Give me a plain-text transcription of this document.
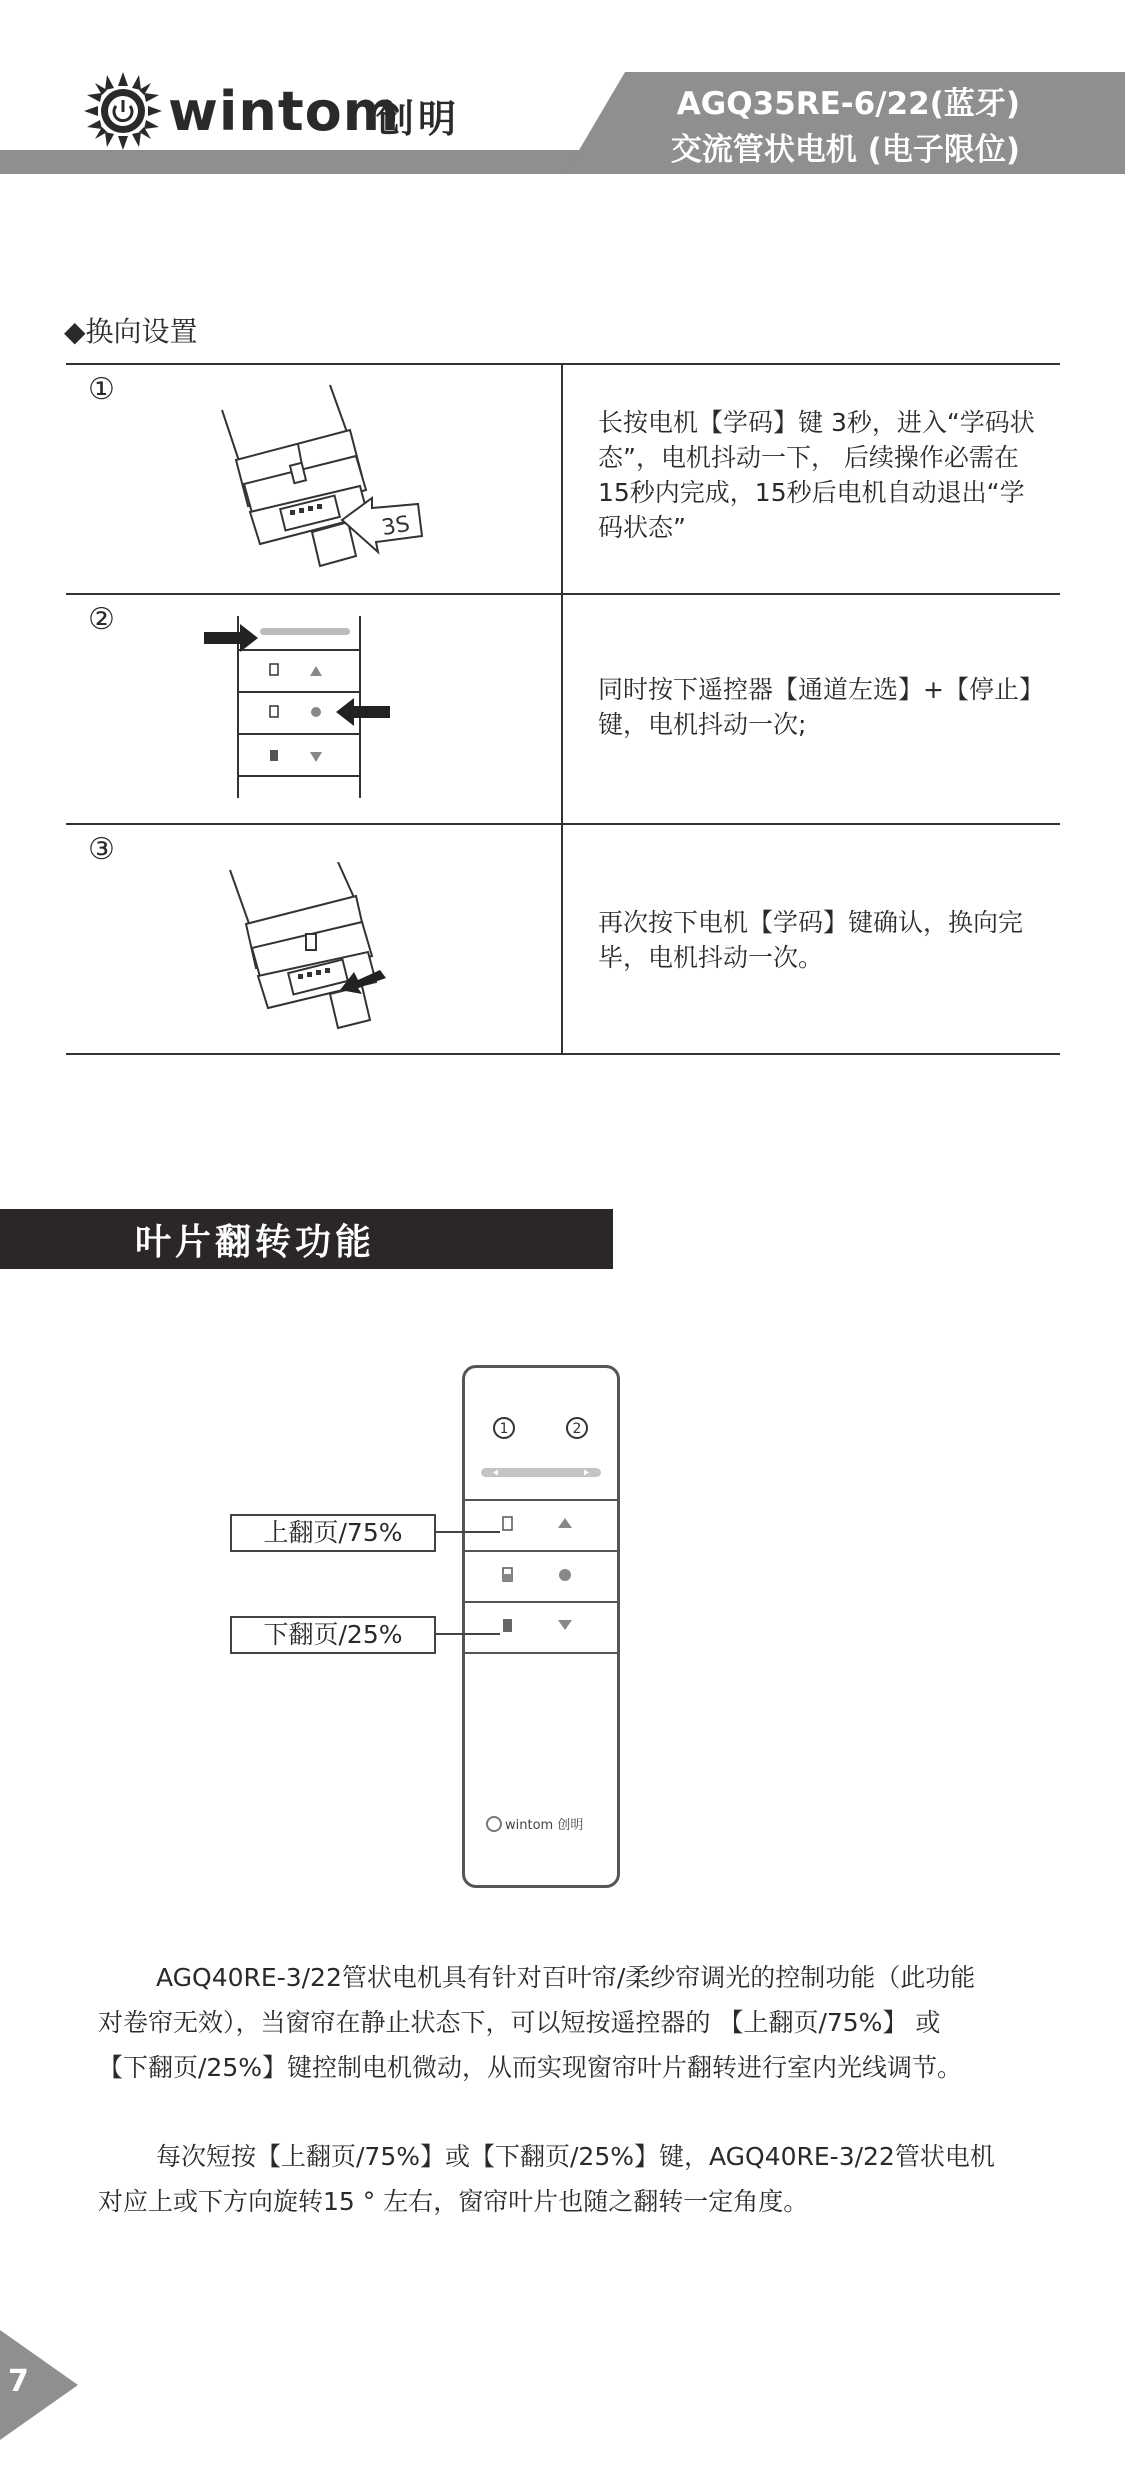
AGQ35RE-6/22(蓝牙)
交流管状电机 (电子限位)
wintom
创明
◆换向设置
①
3S
长按电机【学码】键 3秒，进入“学码状态”，电机抖动一下， 后续操作必需在15秒内完成，15秒后电机自动退出“学码状态”
②
同时按下遥控器【通道左选】+【停止】键，电机抖动一次;
③
再次按下电机【学码】键确认，换向完毕，电机抖动一次。
叶片翻转功能
1	2
wintom 创明
上翻页/75%
下翻页/25%
AGQ40RE-3/22管状电机具有针对百叶帘/柔纱帘调光的控制功能（此功能
对卷帘无效），当窗帘在静止状态下，可以短按遥控器的 【上翻页/75%】 或
【下翻页/25%】键控制电机微动，从而实现窗帘叶片翻转进行室内光线调节。
每次短按【上翻页/75%】或【下翻页/25%】键，AGQ40RE-3/22管状电机
对应上或下方向旋转15 ° 左右，窗帘叶片也随之翻转一定角度。
7
